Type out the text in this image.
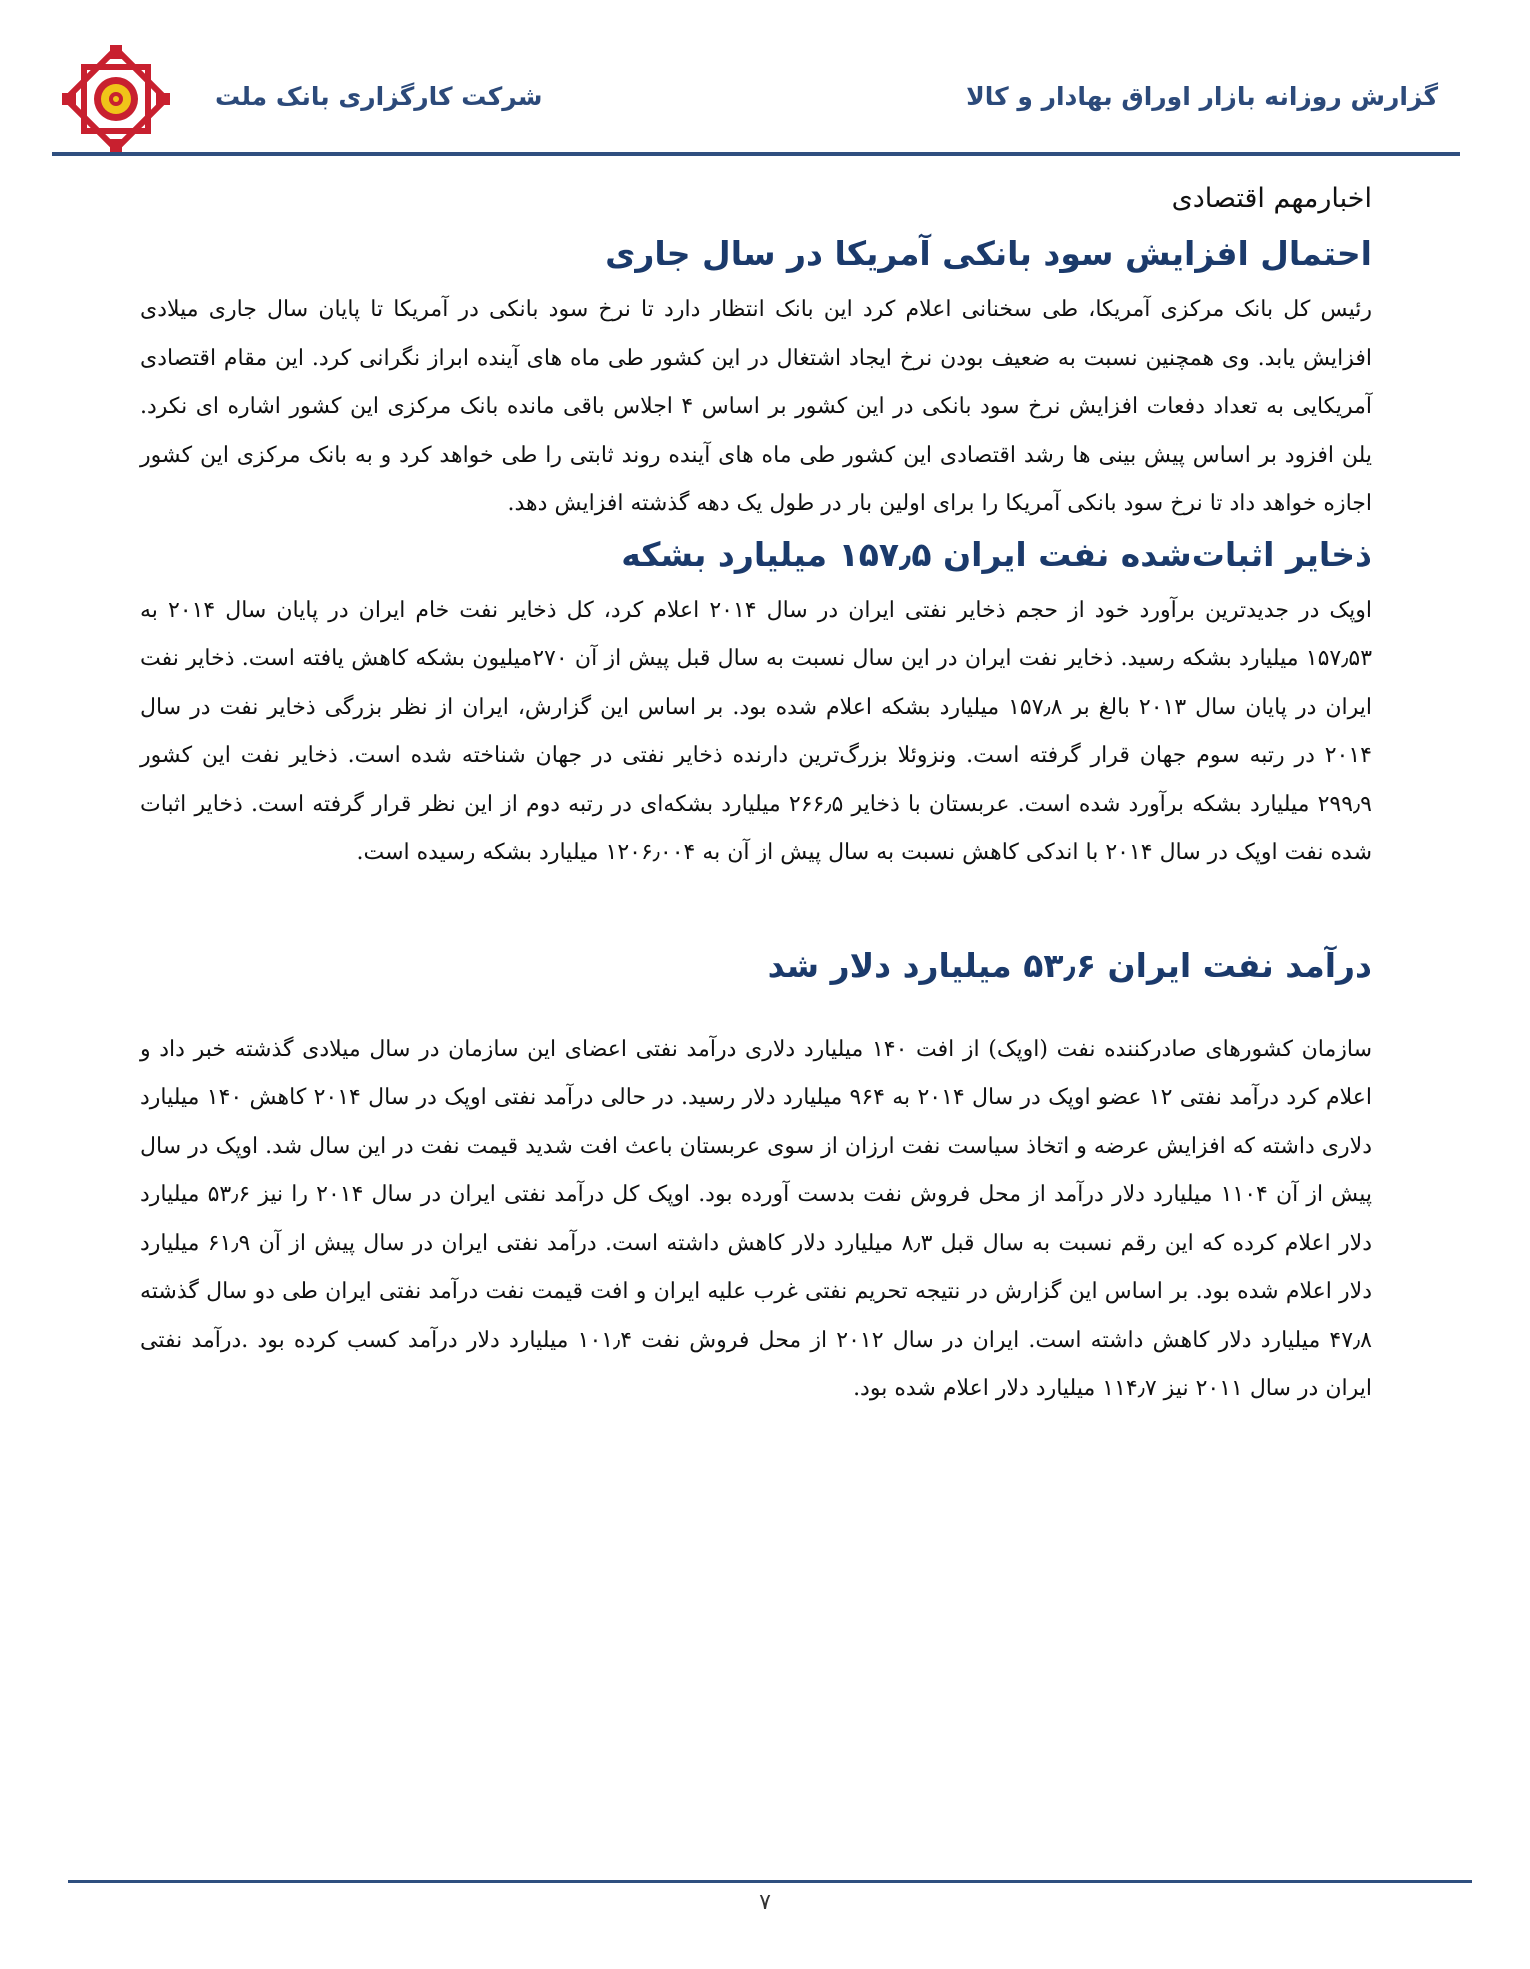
شرکت کارگزاری بانک ملت	گزارش روزانه بازار اوراق بهادار و کالا
اخبارمهم اقتصادی
احتمال افزایش سود بانکی آمریکا در سال جاری

رئیس کل بانک مرکزی آمریکا، طی سخنانی اعلام کرد این بانک انتظار دارد تا نرخ سود بانکی در آمریکا تا پایان سال جاری میلادی افزایش یابد. وی همچنین نسبت به ضعیف بودن نرخ ایجاد اشتغال در این کشور طی ماه های آینده ابراز نگرانی کرد. این مقام اقتصادی آمریکایی به تعداد دفعات افزایش نرخ سود بانکی در این کشور بر اساس ۴ اجلاس باقی مانده بانک مرکزی این کشور اشاره ای نکرد. یلن افزود بر اساس پیش بینی ها رشد اقتصادی این کشور طی ماه های آینده روند ثابتی را طی خواهد کرد و به بانک مرکزی این کشور اجازه خواهد داد تا نرخ سود بانکی آمریکا را برای اولین بار در طول یک دهه گذشته افزایش دهد.

ذخایر اثبات‌شده نفت ایران ۱۵۷٫۵ میلیارد بشکه

اوپک در جدیدترین برآورد خود از حجم ذخایر نفتی ایران در سال ۲۰۱۴ اعلام کرد، کل ذخایر نفت خام ایران در پایان سال ۲۰۱۴ به ۱۵۷٫۵۳ میلیارد بشکه رسید. ذخایر نفت ایران در این سال نسبت به سال قبل پیش از آن ۲۷۰میلیون بشکه کاهش یافته است. ذخایر نفت ایران در پایان سال ۲۰۱۳ بالغ بر ۱۵۷٫۸ میلیارد بشکه اعلام شده بود. بر اساس این گزارش، ایران از نظر بزرگی ذخایر نفت در سال ۲۰۱۴ در رتبه سوم جهان قرار گرفته است. ونزوئلا بزرگ‌ترین دارنده ذخایر نفتی در جهان شناخته شده است. ذخایر نفت این کشور ۲۹۹٫۹ میلیارد بشکه برآورد شده است. عربستان با ذخایر ۲۶۶٫۵ میلیارد بشکه‌ای در رتبه دوم از این نظر قرار گرفته است. ذخایر اثبات شده نفت اوپک در سال ۲۰۱۴ با اندکی کاهش نسبت به سال پیش از آن به ۱۲۰۶٫۰۰۴ میلیارد بشکه رسیده است.

درآمد نفت ایران ۵۳٫۶ میلیارد دلار شد

سازمان کشورهای صادرکننده نفت (اوپک) از افت ۱۴۰ میلیارد دلاری درآمد نفتی اعضای این سازمان در سال میلادی گذشته خبر داد و اعلام کرد درآمد نفتی ۱۲ عضو اوپک در سال ۲۰۱۴ به ۹۶۴ میلیارد دلار رسید. در حالی درآمد نفتی اوپک در سال ۲۰۱۴ کاهش ۱۴۰ میلیارد دلاری داشته که افزایش عرضه و اتخاذ سیاست نفت ارزان از سوی عربستان باعث افت شدید قیمت نفت در این سال شد. اوپک در سال پیش از آن ۱۱۰۴ میلیارد دلار درآمد از محل فروش نفت بدست آورده بود. اوپک کل درآمد نفتی ایران در سال ۲۰۱۴ را نیز ۵۳٫۶ میلیارد دلار اعلام کرده که این رقم نسبت به سال قبل ۸٫۳ میلیارد دلار کاهش داشته است. درآمد نفتی ایران در سال پیش از آن ۶۱٫۹ میلیارد دلار اعلام شده بود. بر اساس این گزارش در نتیجه تحریم نفتی غرب علیه ایران و افت قیمت نفت درآمد نفتی ایران طی دو سال گذشته ۴۷٫۸ میلیارد دلار کاهش داشته است. ایران در سال ۲۰۱۲ از محل فروش نفت ۱۰۱٫۴ میلیارد دلار درآمد کسب کرده بود .درآمد نفتی ایران در سال ۲۰۱۱ نیز ۱۱۴٫۷ میلیارد دلار اعلام شده بود.

۷
